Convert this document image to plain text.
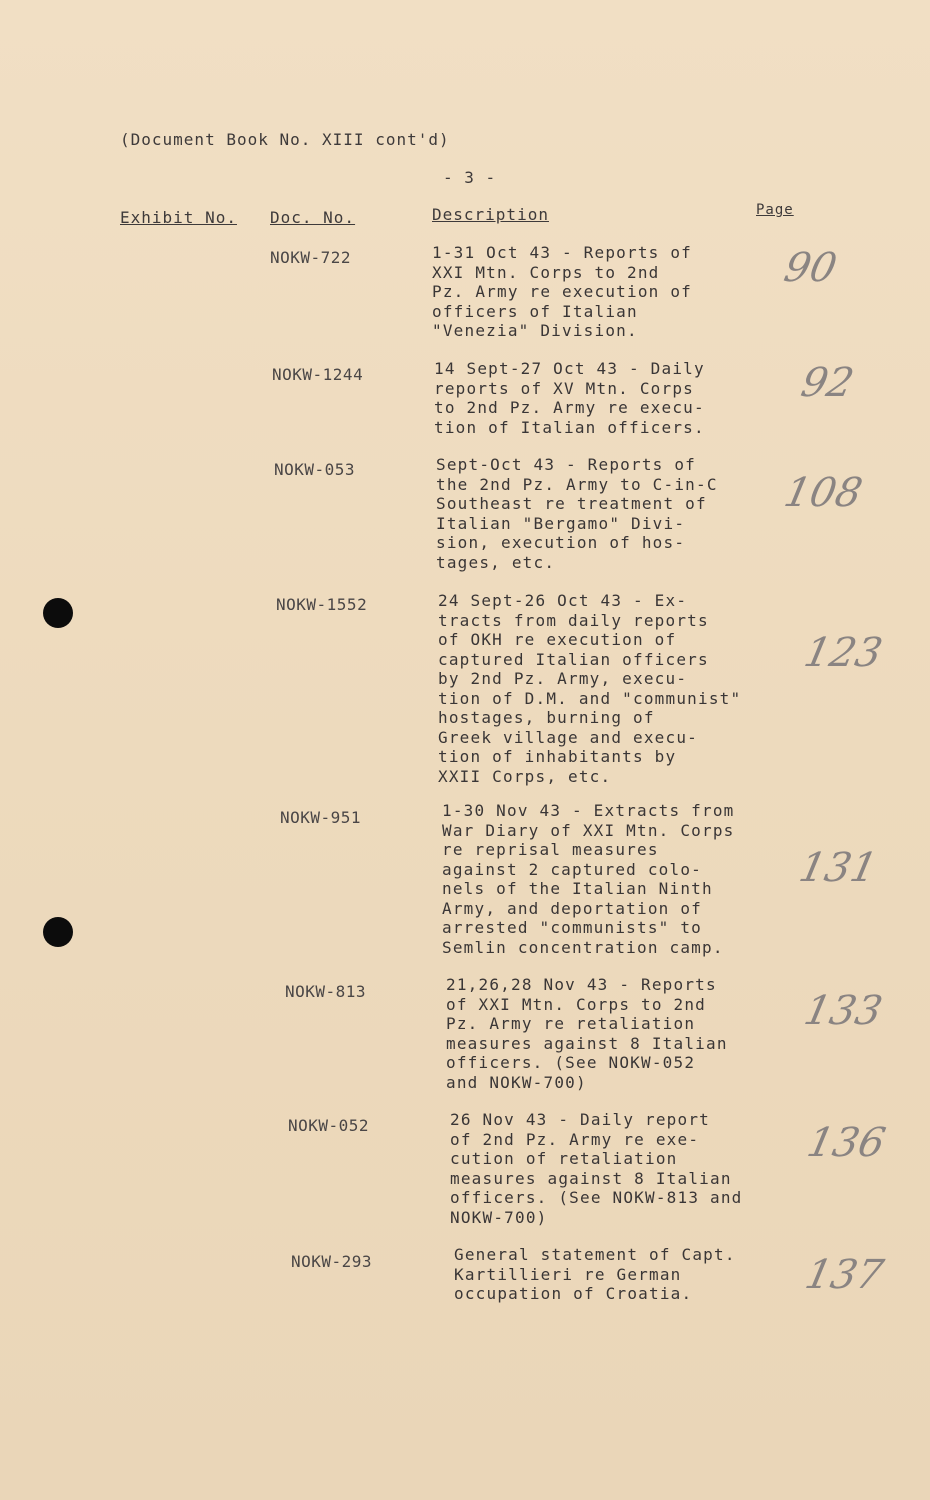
(Document Book No. XIII cont'd)
- 3 -
Exhibit No. Doc. No.	Description	Page
NOKW-722	1-31 Oct 43 - Reports of
XXI Mtn. Corps to 2nd
Pz. Army re execution of
officers of Italian
"Venezia" Division.
90
NOKW-1244	14 Sept-27 Oct 43 - Daily
reports of XV Mtn. Corps
to 2nd Pz. Army re execu-
tion of Italian officers.
92
NOKW-053	Sept-Oct 43 - Reports of
the 2nd Pz. Army to C-in-C
Southeast re treatment of
Italian "Bergamo" Divi-
sion, execution of hos-
tages, etc.
108
NOKW-1552	24 Sept-26 Oct 43 - Ex-
tracts from daily reports
of OKH re execution of
captured Italian officers
by 2nd Pz. Army, execu-
tion of D.M. and "communist"
hostages, burning of
Greek village and execu-
tion of inhabitants by
XXII Corps, etc.
123
NOKW-951	1-30 Nov 43 - Extracts from
War Diary of XXI Mtn. Corps
re reprisal measures
against 2 captured colo-
nels of the Italian Ninth
Army, and deportation of
arrested "communists" to
Semlin concentration camp.
131
NOKW-813	21,26,28 Nov 43 - Reports
of XXI Mtn. Corps to 2nd
Pz. Army re retaliation
measures against 8 Italian
officers. (See NOKW-052
and NOKW-700)
133
NOKW-052	26 Nov 43 - Daily report
of 2nd Pz. Army re exe-
cution of retaliation
measures against 8 Italian
officers. (See NOKW-813 and
NOKW-700)
136
NOKW-293	General statement of Capt.
Kartillieri re German
occupation of Croatia.	137
